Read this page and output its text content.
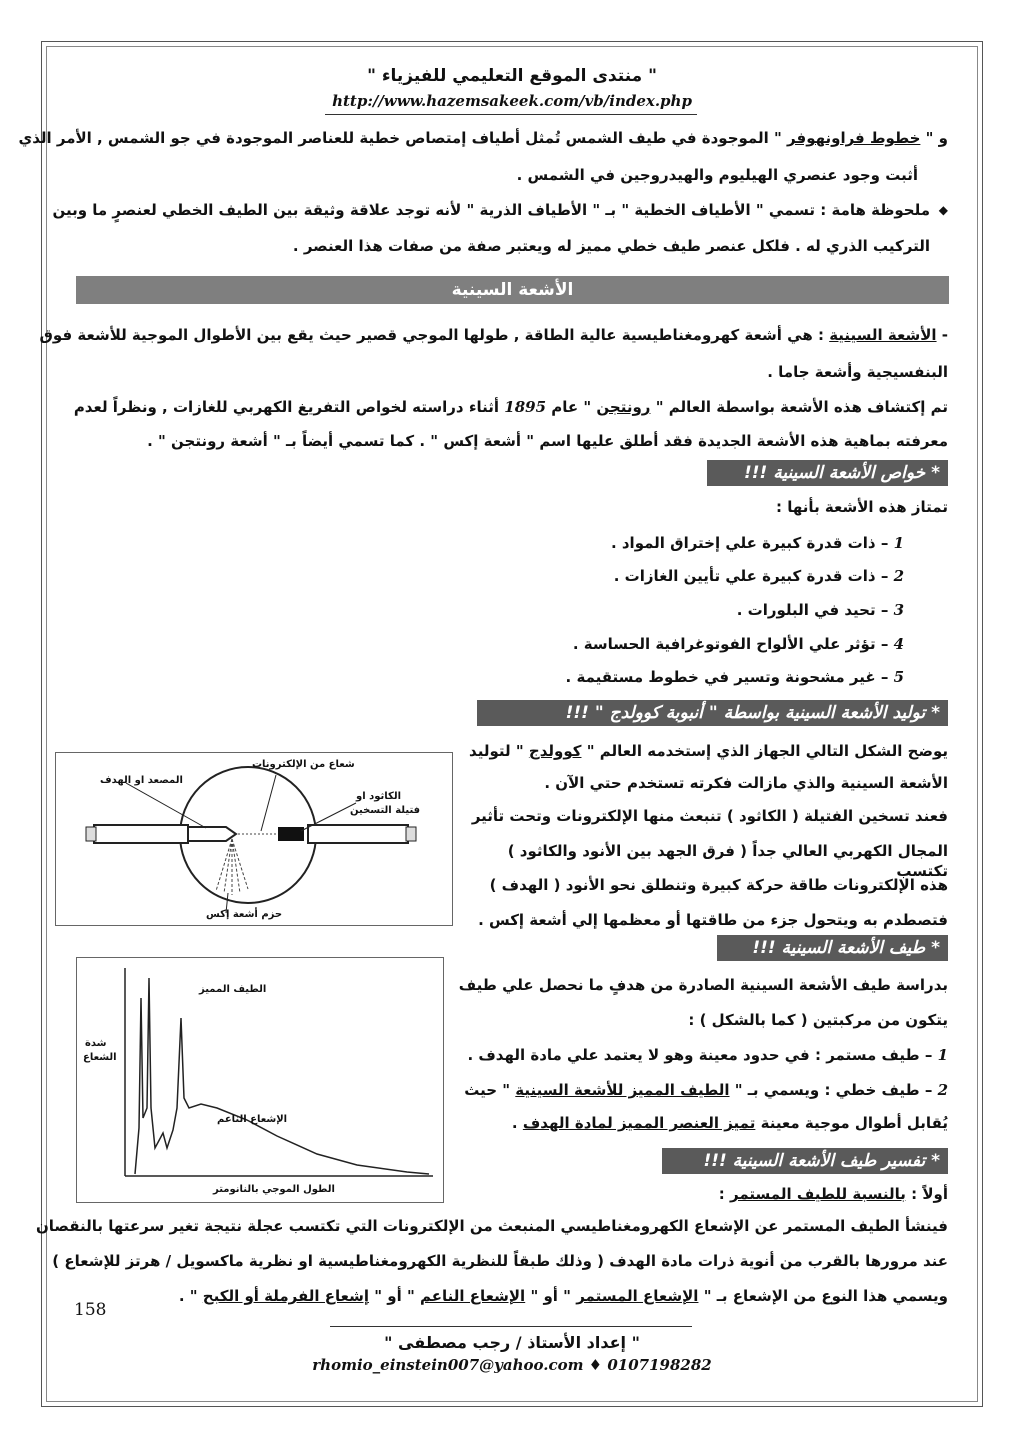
" منتدى الموقع التعليمي للفيزياء "
http://www.hazemsakeek.com/vb/index.php
و " خطوط فراونهوفر " الموجودة في طيف الشمس تُمثل أطياف إمتصاص خطية للعناصر الموجودة في جو الشمس , الأمر الذي
أثبت وجود عنصري الهيليوم والهيدروجين في الشمس .
◆
ملحوظة هامة : تسمي " الأطياف الخطية " بـ " الأطياف الذرية " لأنه توجد علاقة وثيقة بين الطيف الخطي لعنصرٍ ما وبين
التركيب الذري له . فلكل عنصر طيف خطي مميز له ويعتبر صفة من صفات هذا العنصر .
الأشعة السينية
- الأشعة السينية : هي أشعة كهرومغناطيسية عالية الطاقة , طولها الموجي قصير حيث يقع بين الأطوال الموجية للأشعة فوق
البنفسيجية وأشعة جاما .
تم إكتشاف هذه الأشعة بواسطة العالم " رونتجن " عام 1895 أثناء دراسته لخواص التفريغ الكهربي للغازات , ونظراً لعدم
معرفته بماهية هذه الأشعة الجديدة فقد أطلق عليها اسم " أشعة إكس " . كما تسمي أيضاً بـ " أشعة رونتجن " .
* خواص الأشعة السينية !!!
تمتاز هذه الأشعة بأنها :
1 – ذات قدرة كبيرة علي إختراق المواد .
2 – ذات قدرة كبيرة علي تأيين الغازات .
3 – تحيد في البلورات .
4 – تؤثر علي الألواح الفوتوغرافية الحساسة .
5 – غير مشحونة وتسير في خطوط مستقيمة .
* توليد الأشعة السينية بواسطة " أنبوبة كوولدج " !!!
يوضح الشكل التالي الجهاز الذي إستخدمه العالم " كوولدج " لتوليد
الأشعة السينية والذي مازالت فكرته تستخدم حتي الآن .
فعند تسخين الفتيلة ( الكاثود ) تنبعث منها الإلكترونات وتحت تأثير
المجال الكهربي العالي جداً ( فرق الجهد بين الأنود والكاثود ) تكتسب
هذه الإلكترونات طاقة حركة كبيرة وتنطلق نحو الأنود ( الهدف )
فتصطدم به ويتحول جزء من طاقتها أو معظمها إلي أشعة إكس .
شعاع من الإلكترونات
المصعد او الهدف
الكاثود او
فتيلة التسخين
حزم أشعة إكس
* طيف الأشعة السينية !!!
بدراسة طيف الأشعة السينية الصادرة من هدفٍ ما نحصل علي طيف
يتكون من مركبتين ( كما بالشكل ) :
1 – طيف مستمر : في حدود معينة وهو لا يعتمد علي مادة الهدف .
2 – طيف خطي : ويسمي بـ " الطيف المميز للأشعة السينية " حيث
يُقابل أطوال موجية معينة تميز العنصر المميز لمادة الهدف .
الطيف المميز
شدة
الشعاع
الإشعاع الناعم
الطول الموجي بالنانومتر
* تفسير طيف الأشعة السينية !!!
أولاً : بالنسبة للطيف المستمر :
فينشأ الطيف المستمر عن الإشعاع الكهرومغناطيسي المنبعث من الإلكترونات التي تكتسب عجلة نتيجة تغير سرعتها بالنقصان
عند مرورها بالقرب من أنوية ذرات مادة الهدف ( وذلك طبقاً للنظرية الكهرومغناطيسية او نظرية ماكسويل / هرتز للإشعاع )
ويسمي هذا النوع من الإشعاع بـ " الإشعاع المستمر " أو " الإشعاع الناعم " أو " إشعاع الفرملة أو الكبح " .
158
" إعداد الأستاذ / رجب مصطفى "
rhomio_einstein007@yahoo.com ♦ 0107198282
